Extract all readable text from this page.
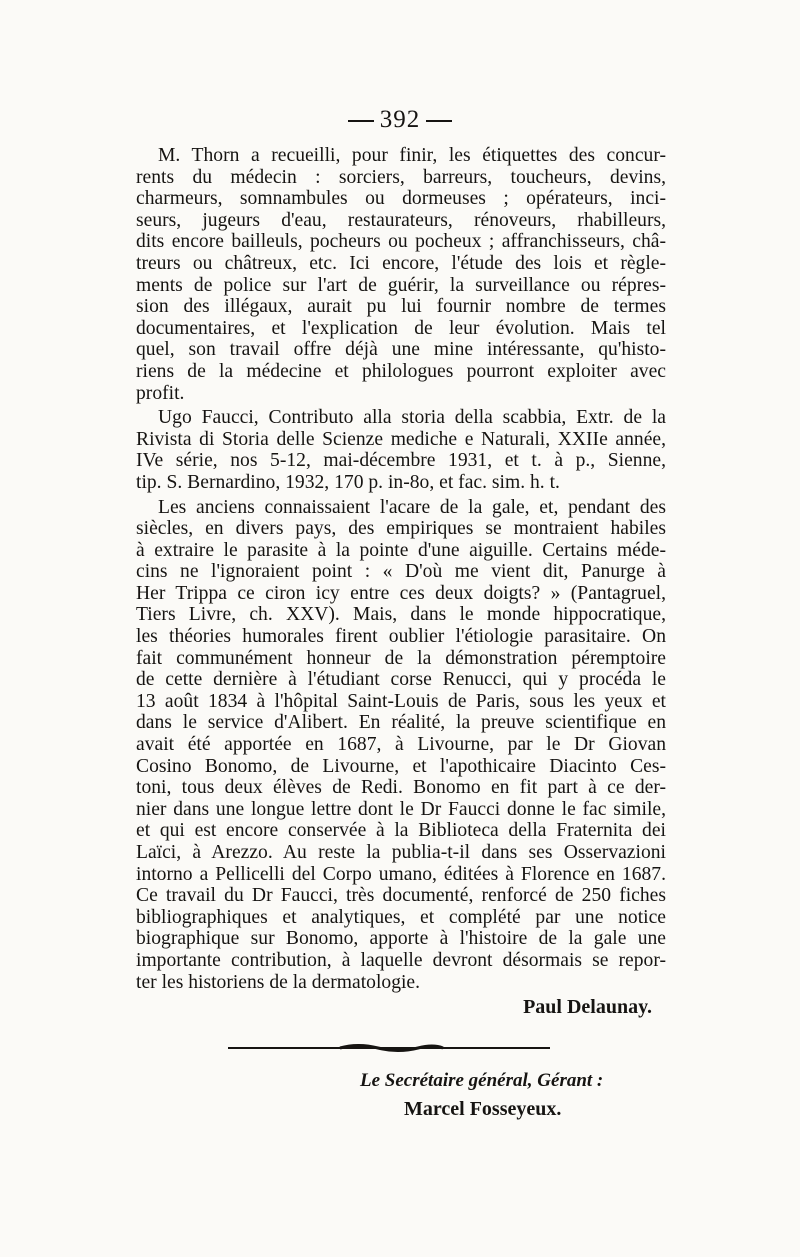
392
M. Thorn a recueilli, pour finir, les étiquettes des concur-
rents du médecin : sorciers, barreurs, toucheurs, devins,
charmeurs, somnambules ou dormeuses ; opérateurs, inci-
seurs, jugeurs d'eau, restaurateurs, rénoveurs, rhabilleurs,
dits encore bailleuls, pocheurs ou pocheux ; affranchisseurs, châ-
treurs ou châtreux, etc. Ici encore, l'étude des lois et règle-
ments de police sur l'art de guérir, la surveillance ou répres-
sion des illégaux, aurait pu lui fournir nombre de termes
documentaires, et l'explication de leur évolution. Mais tel
quel, son travail offre déjà une mine intéressante, qu'histo-
riens de la médecine et philologues pourront exploiter avec
profit.
Ugo Faucci, Contributo alla storia della scabbia, Extr. de la
Rivista di Storia delle Scienze mediche e Naturali, XXIIe année,
IVe série, nos 5-12, mai-décembre 1931, et t. à p., Sienne,
tip. S. Bernardino, 1932, 170 p. in-8o, et fac. sim. h. t.
Les anciens connaissaient l'acare de la gale, et, pendant des
siècles, en divers pays, des empiriques se montraient habiles
à extraire le parasite à la pointe d'une aiguille. Certains méde-
cins ne l'ignoraient point : « D'où me vient dit, Panurge à
Her Trippa ce ciron icy entre ces deux doigts? » (Pantagruel,
Tiers Livre, ch. XXV). Mais, dans le monde hippocratique,
les théories humorales firent oublier l'étiologie parasitaire. On
fait communément honneur de la démonstration péremptoire
de cette dernière à l'étudiant corse Renucci, qui y procéda le
13 août 1834 à l'hôpital Saint-Louis de Paris, sous les yeux et
dans le service d'Alibert. En réalité, la preuve scientifique en
avait été apportée en 1687, à Livourne, par le Dr Giovan
Cosino Bonomo, de Livourne, et l'apothicaire Diacinto Ces-
toni, tous deux élèves de Redi. Bonomo en fit part à ce der-
nier dans une longue lettre dont le Dr Faucci donne le fac simile,
et qui est encore conservée à la Biblioteca della Fraternita dei
Laïci, à Arezzo. Au reste la publia-t-il dans ses Osservazioni
intorno a Pellicelli del Corpo umano, éditées à Florence en 1687.
Ce travail du Dr Faucci, très documenté, renforcé de 250 fiches
bibliographiques et analytiques, et complété par une notice
biographique sur Bonomo, apporte à l'histoire de la gale une
importante contribution, à laquelle devront désormais se repor-
ter les historiens de la dermatologie.
Paul Delaunay.
Le Secrétaire général, Gérant :
Marcel Fosseyeux.
